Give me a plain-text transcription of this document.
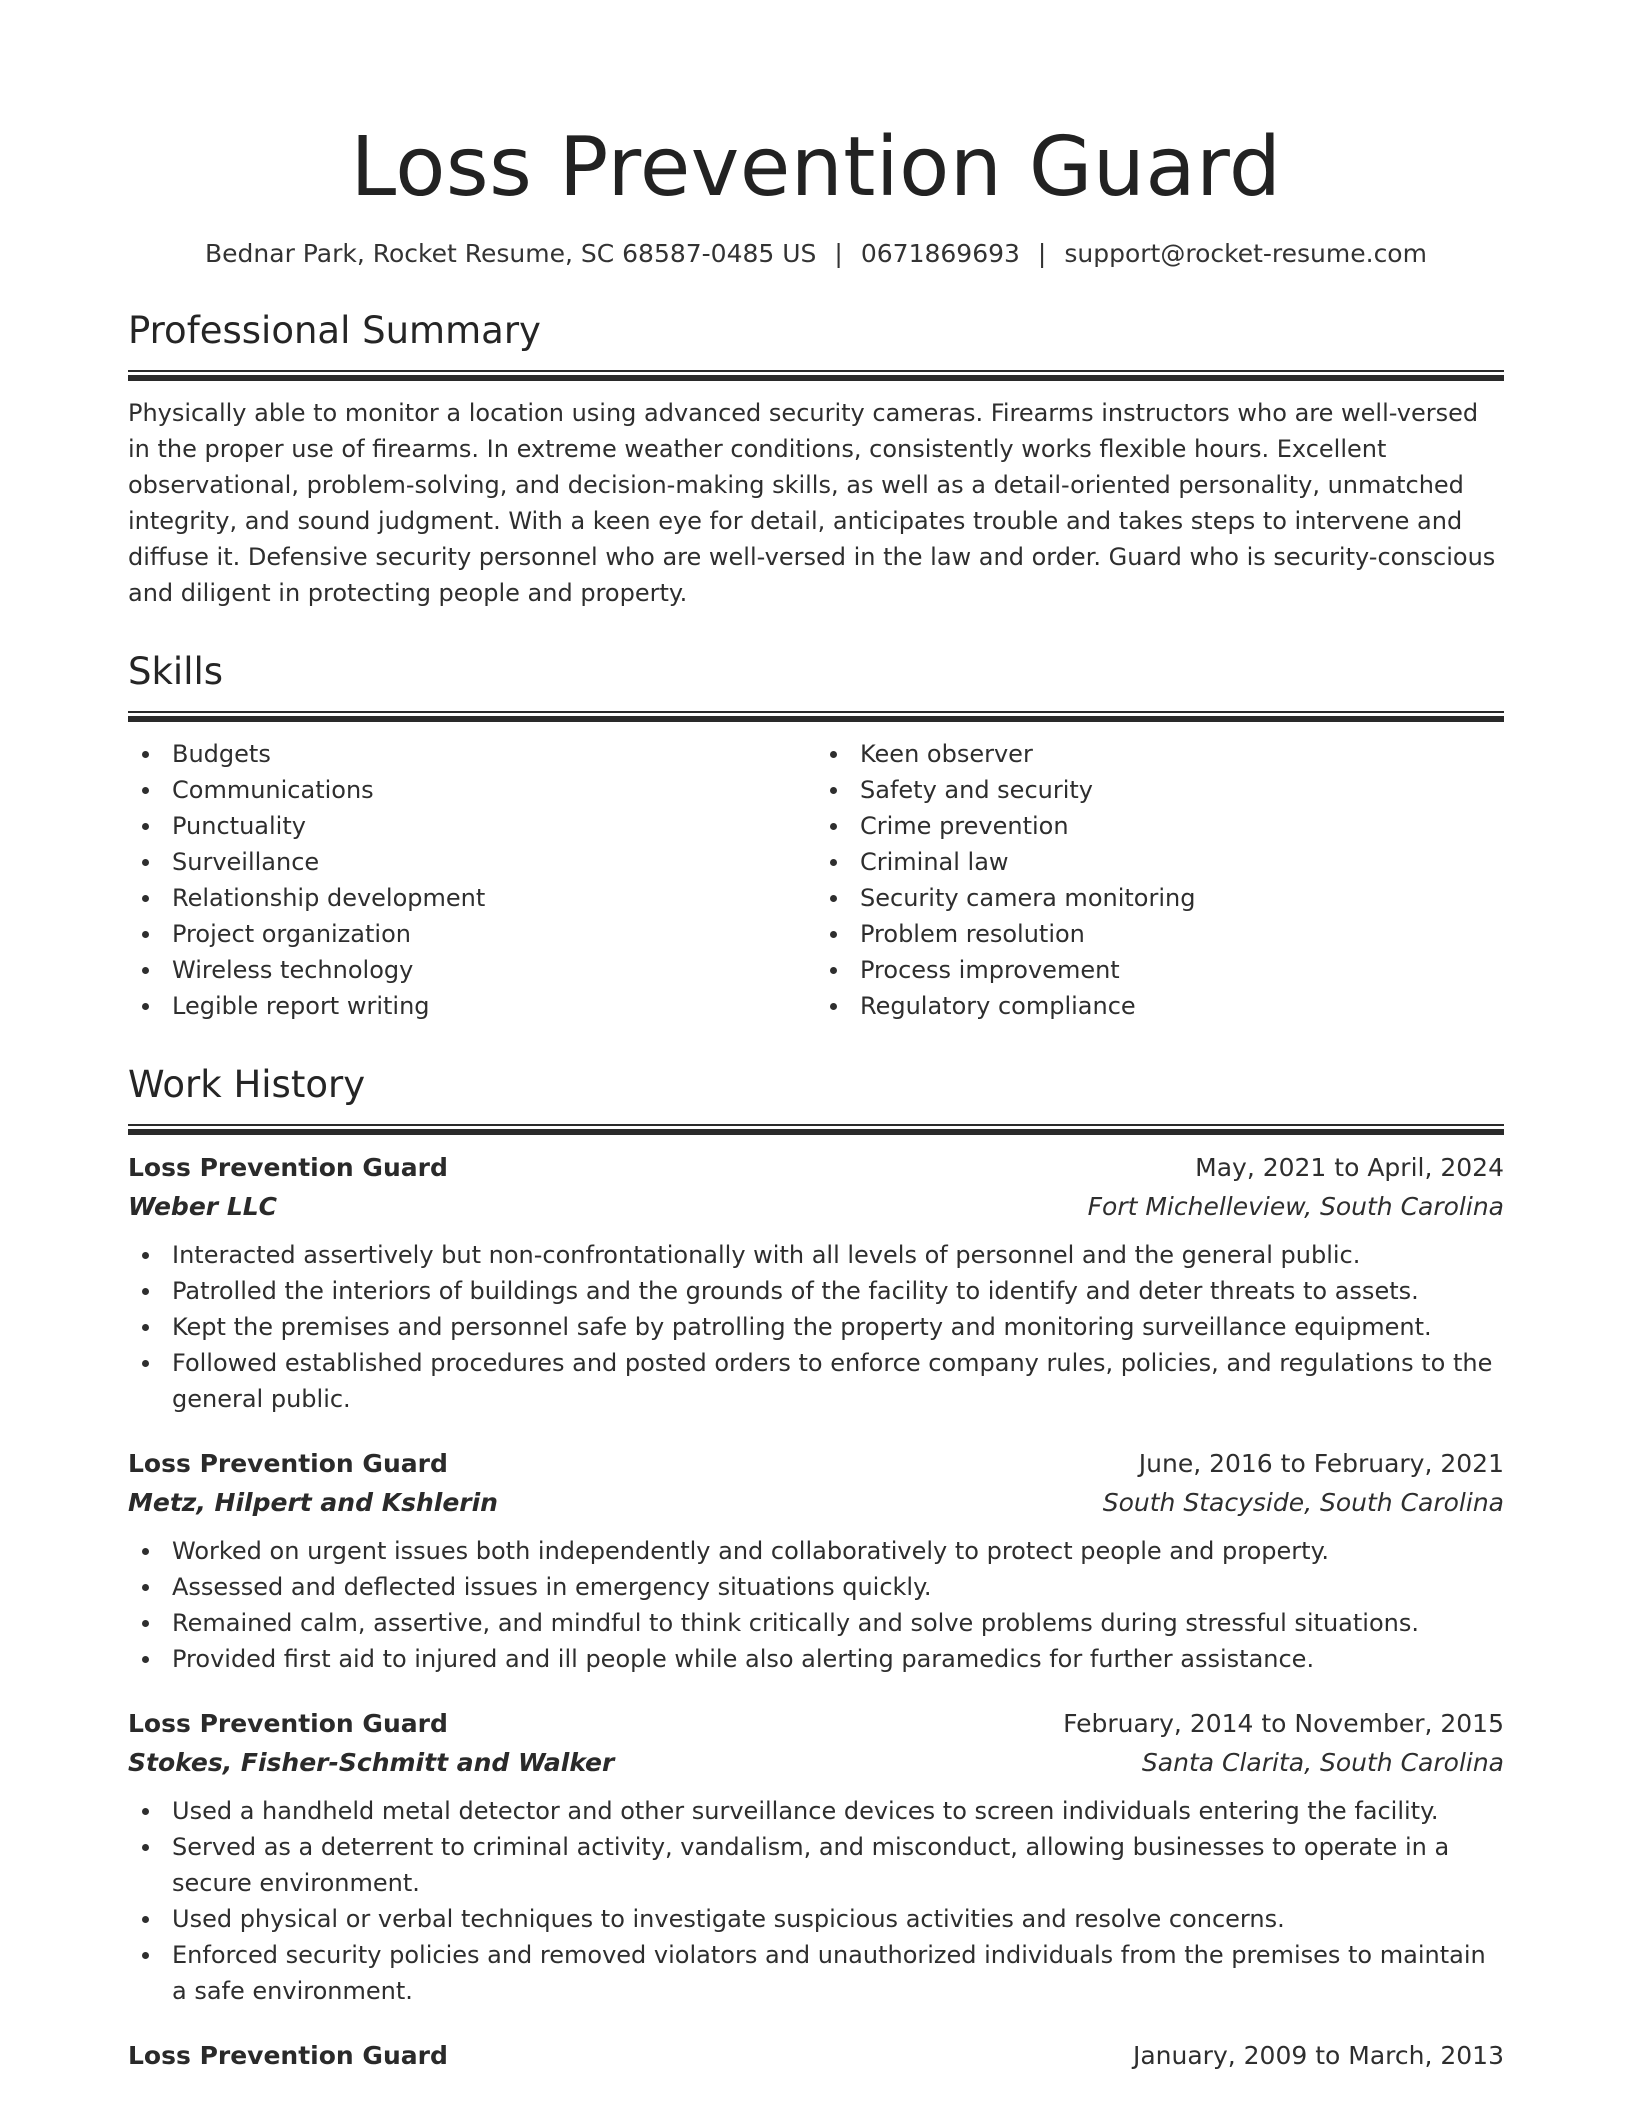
Loss Prevention Guard
Bednar Park, Rocket Resume, SC 68587-0485 US | 0671869693 | support@rocket-resume.com
Professional Summary

Physically able to monitor a location using advanced security cameras. Firearms instructors who are well-versed in the proper use of firearms. In extreme weather conditions, consistently works flexible hours. Excellent observational, problem-solving, and decision-making skills, as well as a detail-oriented personality, unmatched integrity, and sound judgment. With a keen eye for detail, anticipates trouble and takes steps to intervene and diffuse it. Defensive security personnel who are well-versed in the law and order. Guard who is security-conscious and diligent in protecting people and property.

Skills
Budgets
Communications
Punctuality
Surveillance
Relationship development
Project organization
Wireless technology
Legible report writing
Keen observer
Safety and security
Crime prevention
Criminal law
Security camera monitoring
Problem resolution
Process improvement
Regulatory compliance
Work History
Loss Prevention Guard	May, 2021 to April, 2024
Weber LLC	Fort Michelleview, South Carolina
Interacted assertively but non-confrontationally with all levels of personnel and the general public.
Patrolled the interiors of buildings and the grounds of the facility to identify and deter threats to assets.
Kept the premises and personnel safe by patrolling the property and monitoring surveillance equipment.
Followed established procedures and posted orders to enforce company rules, policies, and regulations to the general public.
Loss Prevention Guard	June, 2016 to February, 2021
Metz, Hilpert and Kshlerin	South Stacyside, South Carolina
Worked on urgent issues both independently and collaboratively to protect people and property.
Assessed and deflected issues in emergency situations quickly.
Remained calm, assertive, and mindful to think critically and solve problems during stressful situations.
Provided first aid to injured and ill people while also alerting paramedics for further assistance.
Loss Prevention Guard	February, 2014 to November, 2015
Stokes, Fisher-Schmitt and Walker	Santa Clarita, South Carolina
Used a handheld metal detector and other surveillance devices to screen individuals entering the facility.
Served as a deterrent to criminal activity, vandalism, and misconduct, allowing businesses to operate in a secure environment.
Used physical or verbal techniques to investigate suspicious activities and resolve concerns.
Enforced security policies and removed violators and unauthorized individuals from the premises to maintain a safe environment.
Loss Prevention Guard	January, 2009 to March, 2013
